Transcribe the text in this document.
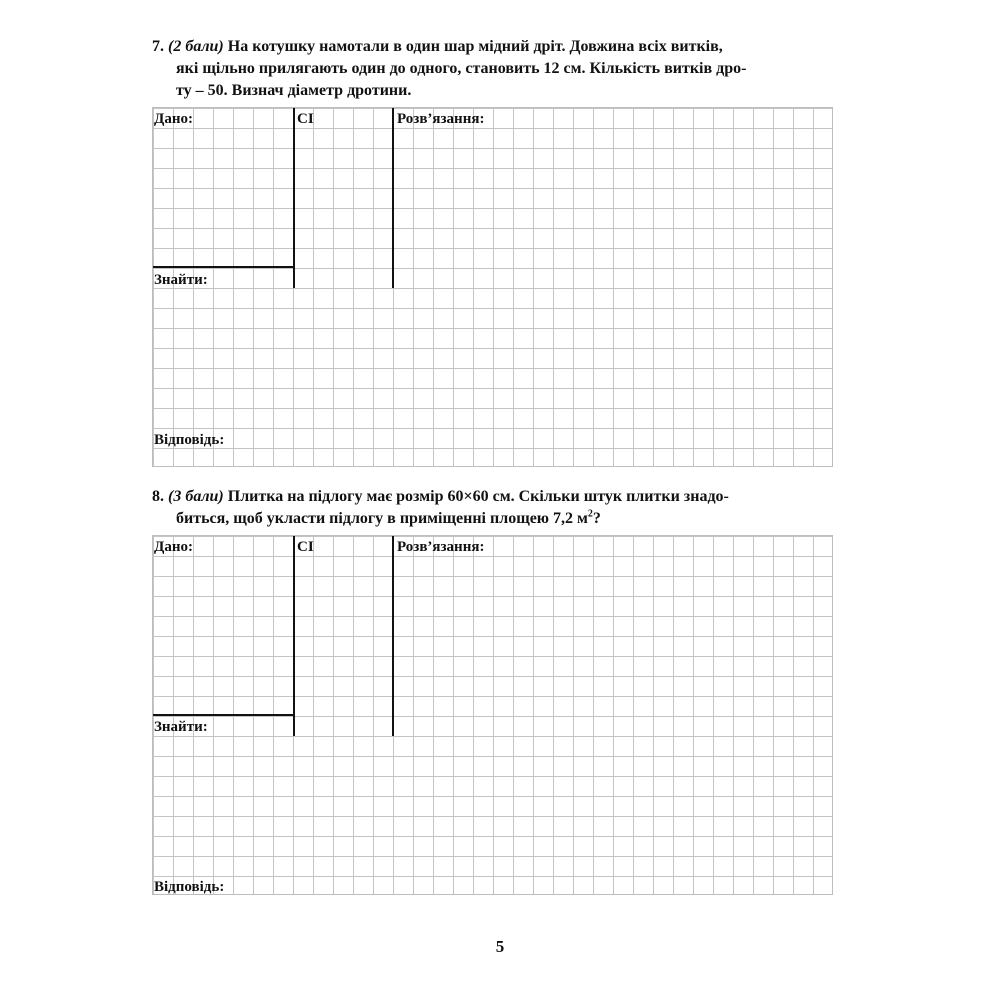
7. (2 бали) На котушку намотали в один шар мідний дріт. Довжина всіх витків,
які щільно прилягають один до одного, становить 12 см. Кількість витків дро-
ту – 50. Визнач діаметр дротини.
Дано:	СІ	Розв’язання:
Знайти:
Відповідь:
8. (3 бали) Плитка на підлогу має розмір 60×60 см. Скільки штук плитки знадо-
биться, щоб укласти підлогу в приміщенні площею 7,2 $м^2$?
Дано:	СІ	Розв’язання:
Знайти:
Відповідь:
5
